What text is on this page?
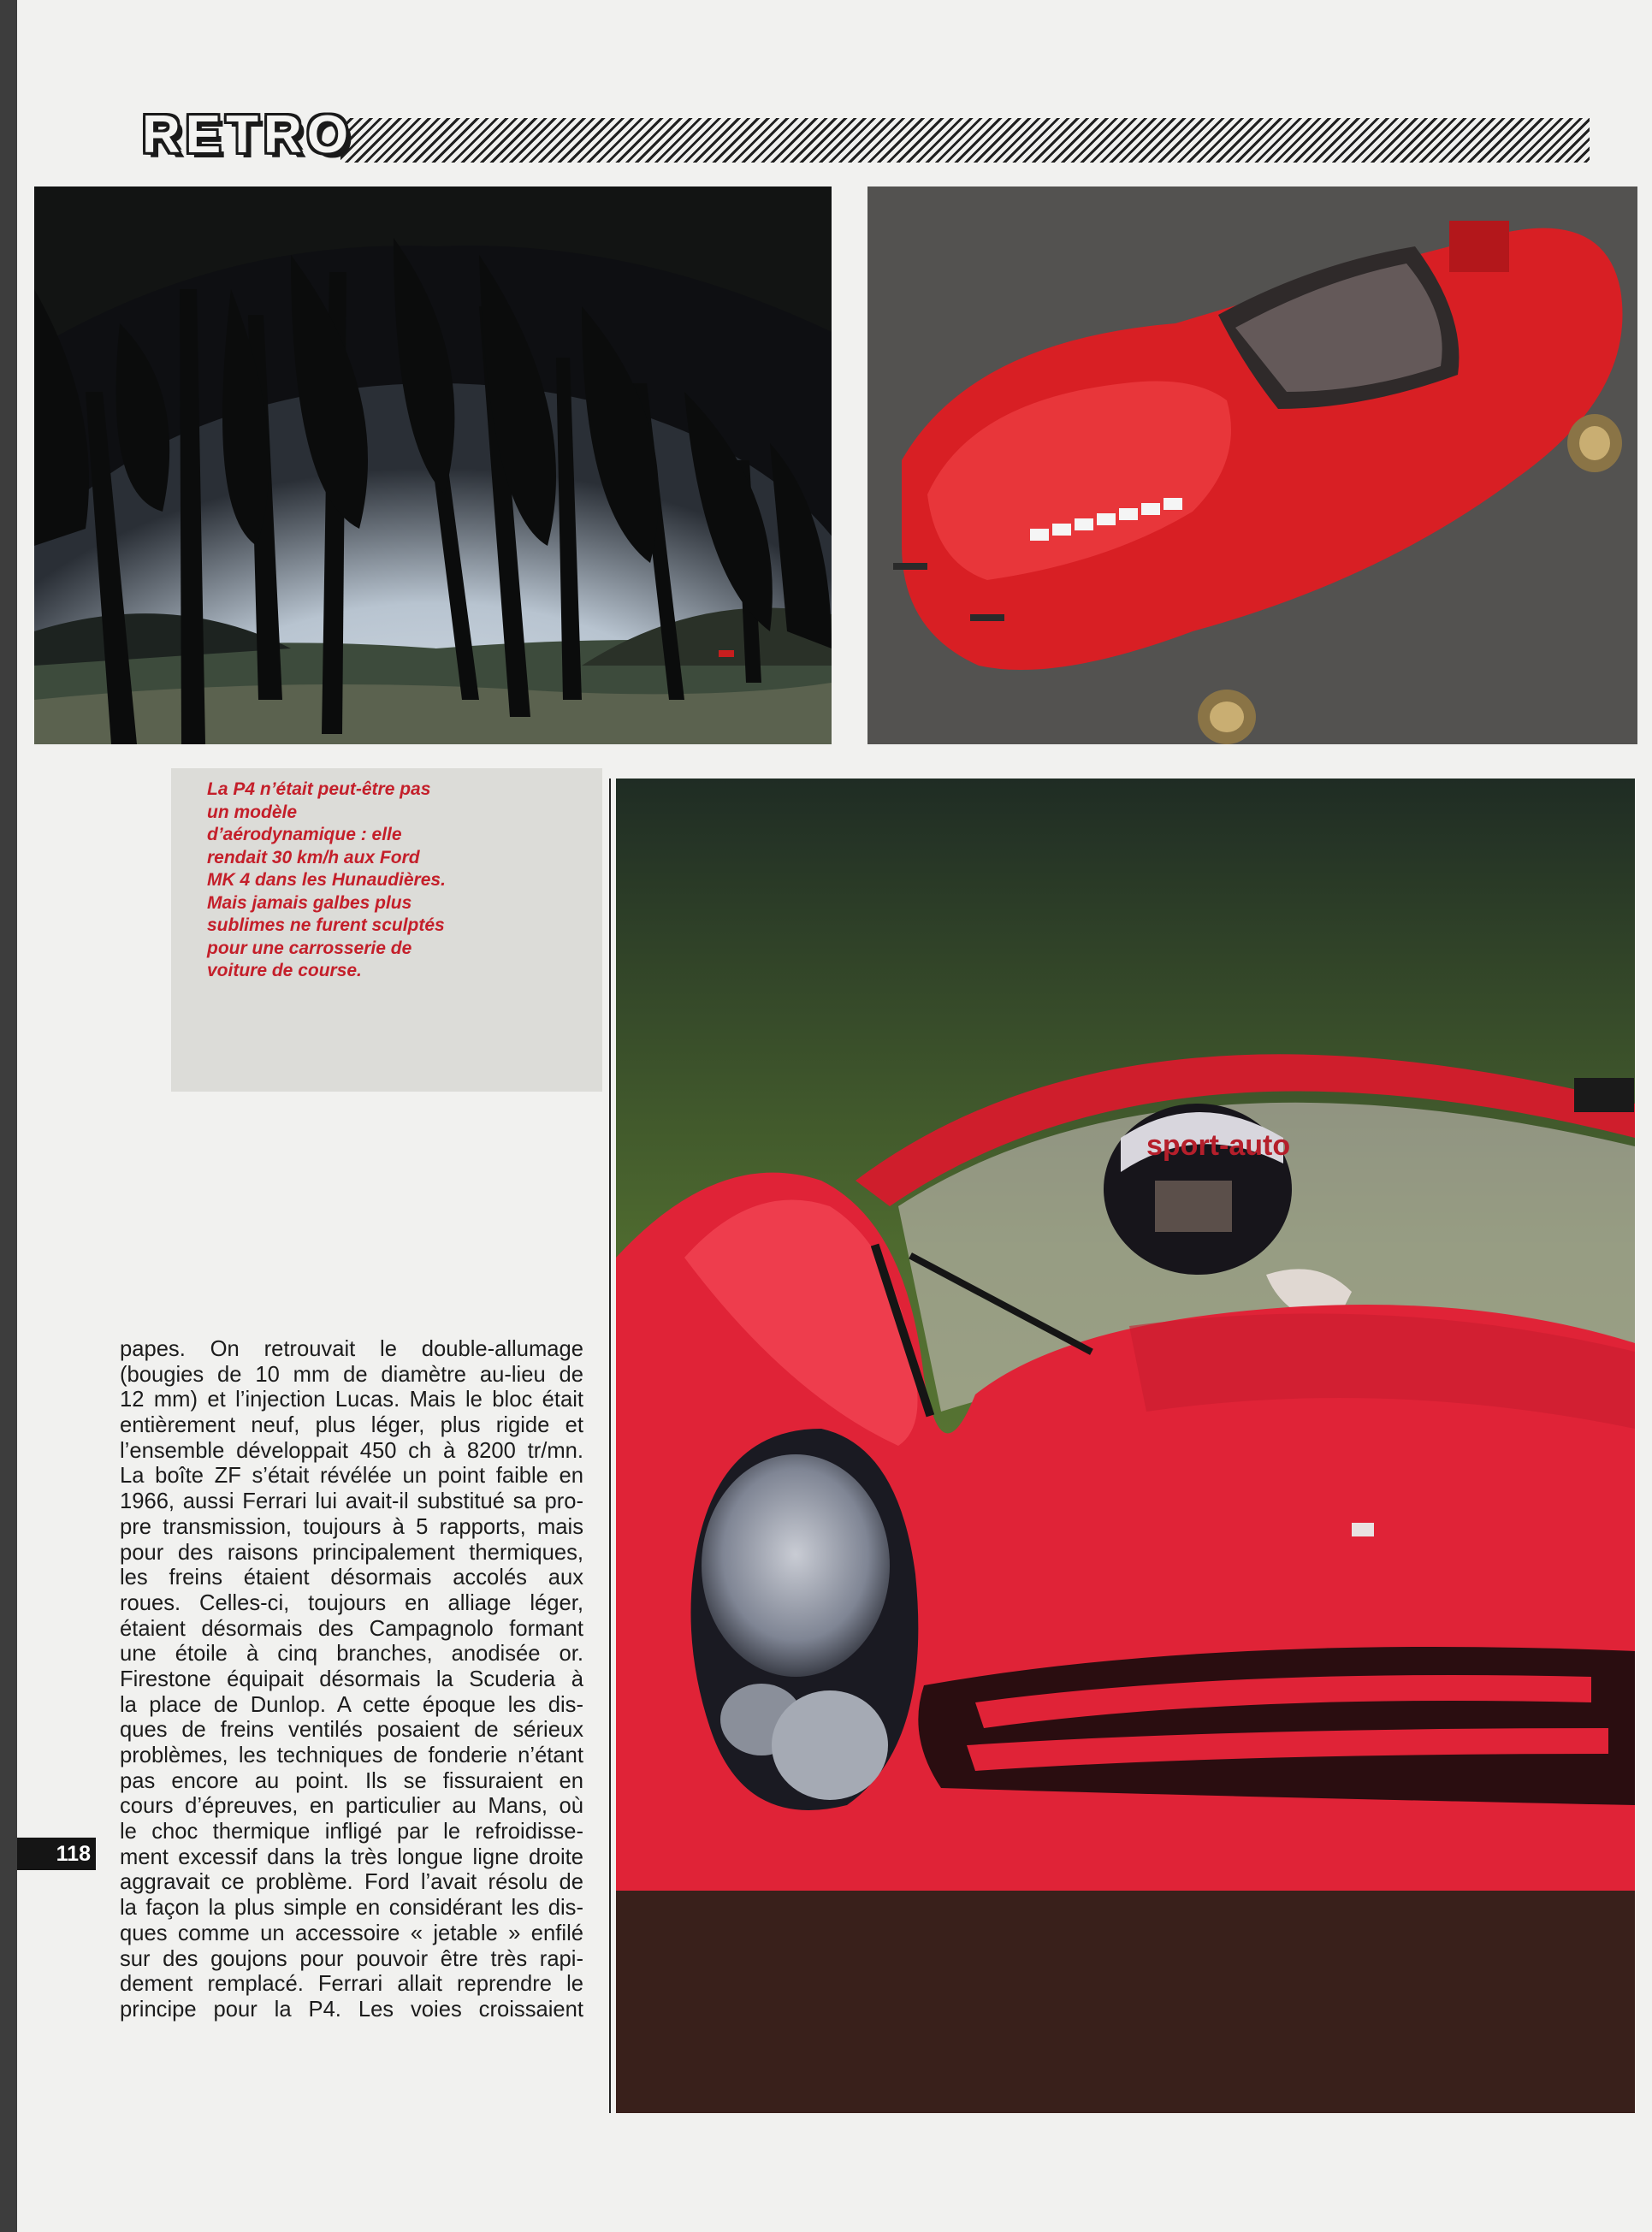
RETRO
La P4 n’était peut-être pas
un modèle
d’aérodynamique : elle
rendait 30 km/h aux Ford
MK 4 dans les Hunaudières.
Mais jamais galbes plus
sublimes ne furent sculptés
pour une carrosserie de
voiture de course.
sport-auto
papes. On retrouvait le double-allumage
(bougies de 10 mm de diamètre au-lieu de
12 mm) et l’injection Lucas. Mais le bloc était
entièrement neuf, plus léger, plus rigide et
l’ensemble développait 450 ch à 8200 tr/mn.
La boîte ZF s’était révélée un point faible en
1966, aussi Ferrari lui avait-il substitué sa pro-
pre transmission, toujours à 5 rapports, mais
pour des raisons principalement thermiques,
les freins étaient désormais accolés aux
roues. Celles-ci, toujours en alliage léger,
étaient désormais des Campagnolo formant
une étoile à cinq branches, anodisée or.
Firestone équipait désormais la Scuderia à
la place de Dunlop. A cette époque les dis-
ques de freins ventilés posaient de sérieux
problèmes, les techniques de fonderie n’étant
pas encore au point. Ils se fissuraient en
cours d’épreuves, en particulier au Mans, où
le choc thermique infligé par le refroidisse-
ment excessif dans la très longue ligne droite
aggravait ce problème. Ford l’avait résolu de
la façon la plus simple en considérant les dis-
ques comme un accessoire « jetable » enfilé
sur des goujons pour pouvoir être très rapi-
dement remplacé. Ferrari allait reprendre le
principe pour la P4. Les voies croissaient
118
